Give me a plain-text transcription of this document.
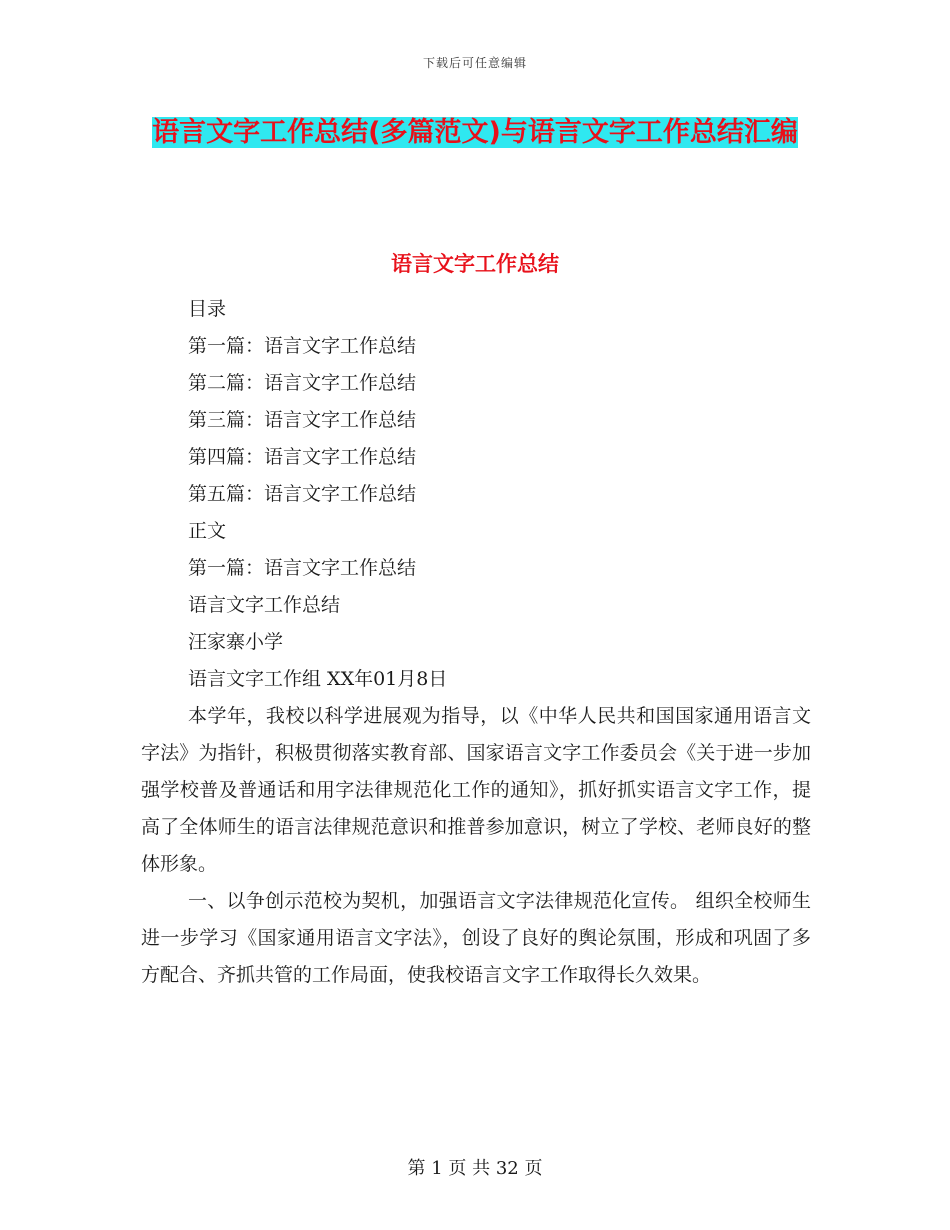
下载后可任意编辑
语言文字工作总结(多篇范文)与语言文字工作总结汇编
语言文字工作总结
目录
第一篇：语言文字工作总结
第二篇：语言文字工作总结
第三篇：语言文字工作总结
第四篇：语言文字工作总结
第五篇：语言文字工作总结
正文
第一篇：语言文字工作总结
语言文字工作总结
汪家寨小学
语言文字工作组 XX年01月8日
本学年，我校以科学进展观为指导，以《中华人民共和国国家通用语言文字法》为指针，积极贯彻落实教育部、国家语言文字工作委员会《关于进一步加强学校普及普通话和用字法律规范化工作的通知》，抓好抓实语言文字工作，提高了全体师生的语言法律规范意识和推普参加意识，树立了学校、老师良好的整体形象。
一、以争创示范校为契机，加强语言文字法律规范化宣传。 组织全校师生进一步学习《国家通用语言文字法》，创设了良好的舆论氛围，形成和巩固了多方配合、齐抓共管的工作局面，使我校语言文字工作取得长久效果。
第 1 页 共 32 页
